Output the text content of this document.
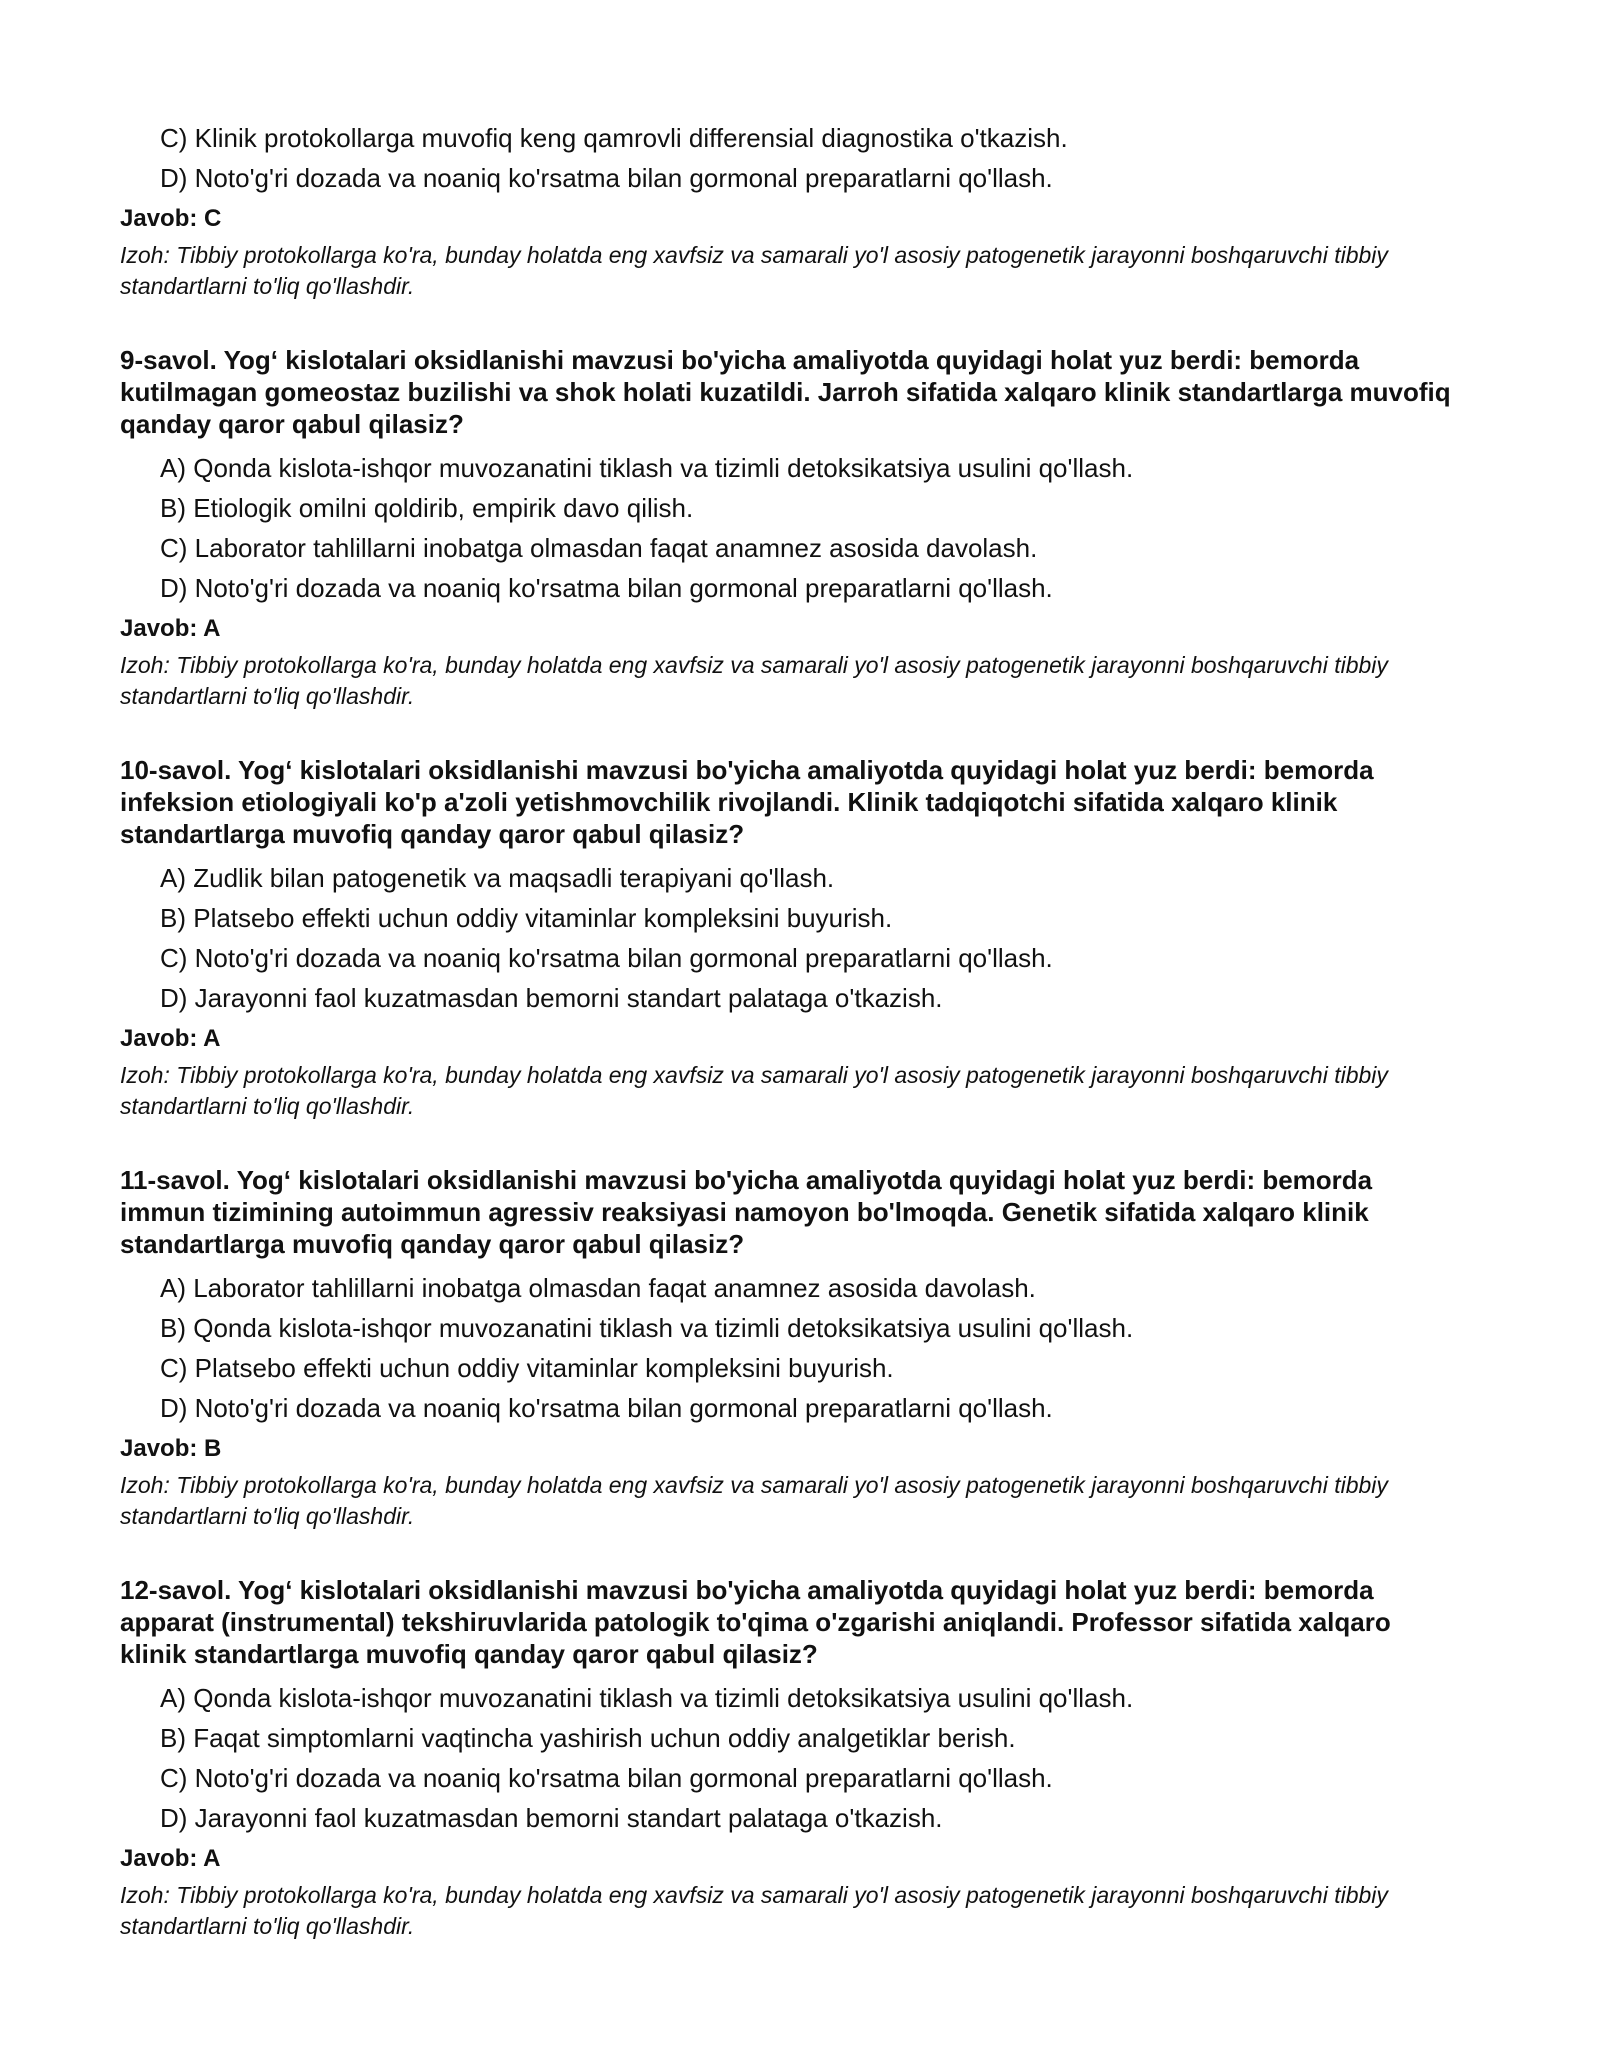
C) Klinik protokollarga muvofiq keng qamrovli differensial diagnostika o'tkazish.
D) Noto'g'ri dozada va noaniq ko'rsatma bilan gormonal preparatlarni qo'llash.
Javob: C
Izoh: Tibbiy protokollarga ko'ra, bunday holatda eng xavfsiz va samarali yo'l asosiy patogenetik jarayonni boshqaruvchi tibbiy standartlarni to'liq qo'llashdir.
9-savol. Yog‘ kislotalari oksidlanishi mavzusi bo'yicha amaliyotda quyidagi holat yuz berdi: bemorda kutilmagan gomeostaz buzilishi va shok holati kuzatildi. Jarroh sifatida xalqaro klinik standartlarga muvofiq qanday qaror qabul qilasiz?
A) Qonda kislota-ishqor muvozanatini tiklash va tizimli detoksikatsiya usulini qo'llash.
B) Etiologik omilni qoldirib, empirik davo qilish.
C) Laborator tahlillarni inobatga olmasdan faqat anamnez asosida davolash.
D) Noto'g'ri dozada va noaniq ko'rsatma bilan gormonal preparatlarni qo'llash.
Javob: A
Izoh: Tibbiy protokollarga ko'ra, bunday holatda eng xavfsiz va samarali yo'l asosiy patogenetik jarayonni boshqaruvchi tibbiy standartlarni to'liq qo'llashdir.
10-savol. Yog‘ kislotalari oksidlanishi mavzusi bo'yicha amaliyotda quyidagi holat yuz berdi: bemorda infeksion etiologiyali ko'p a'zoli yetishmovchilik rivojlandi. Klinik tadqiqotchi sifatida xalqaro klinik standartlarga muvofiq qanday qaror qabul qilasiz?
A) Zudlik bilan patogenetik va maqsadli terapiyani qo'llash.
B) Platsebo effekti uchun oddiy vitaminlar kompleksini buyurish.
C) Noto'g'ri dozada va noaniq ko'rsatma bilan gormonal preparatlarni qo'llash.
D) Jarayonni faol kuzatmasdan bemorni standart palataga o'tkazish.
Javob: A
Izoh: Tibbiy protokollarga ko'ra, bunday holatda eng xavfsiz va samarali yo'l asosiy patogenetik jarayonni boshqaruvchi tibbiy standartlarni to'liq qo'llashdir.
11-savol. Yog‘ kislotalari oksidlanishi mavzusi bo'yicha amaliyotda quyidagi holat yuz berdi: bemorda immun tizimining autoimmun agressiv reaksiyasi namoyon bo'lmoqda. Genetik sifatida xalqaro klinik standartlarga muvofiq qanday qaror qabul qilasiz?
A) Laborator tahlillarni inobatga olmasdan faqat anamnez asosida davolash.
B) Qonda kislota-ishqor muvozanatini tiklash va tizimli detoksikatsiya usulini qo'llash.
C) Platsebo effekti uchun oddiy vitaminlar kompleksini buyurish.
D) Noto'g'ri dozada va noaniq ko'rsatma bilan gormonal preparatlarni qo'llash.
Javob: B
Izoh: Tibbiy protokollarga ko'ra, bunday holatda eng xavfsiz va samarali yo'l asosiy patogenetik jarayonni boshqaruvchi tibbiy standartlarni to'liq qo'llashdir.
12-savol. Yog‘ kislotalari oksidlanishi mavzusi bo'yicha amaliyotda quyidagi holat yuz berdi: bemorda apparat (instrumental) tekshiruvlarida patologik to'qima o'zgarishi aniqlandi. Professor sifatida xalqaro klinik standartlarga muvofiq qanday qaror qabul qilasiz?
A) Qonda kislota-ishqor muvozanatini tiklash va tizimli detoksikatsiya usulini qo'llash.
B) Faqat simptomlarni vaqtincha yashirish uchun oddiy analgetiklar berish.
C) Noto'g'ri dozada va noaniq ko'rsatma bilan gormonal preparatlarni qo'llash.
D) Jarayonni faol kuzatmasdan bemorni standart palataga o'tkazish.
Javob: A
Izoh: Tibbiy protokollarga ko'ra, bunday holatda eng xavfsiz va samarali yo'l asosiy patogenetik jarayonni boshqaruvchi tibbiy standartlarni to'liq qo'llashdir.
